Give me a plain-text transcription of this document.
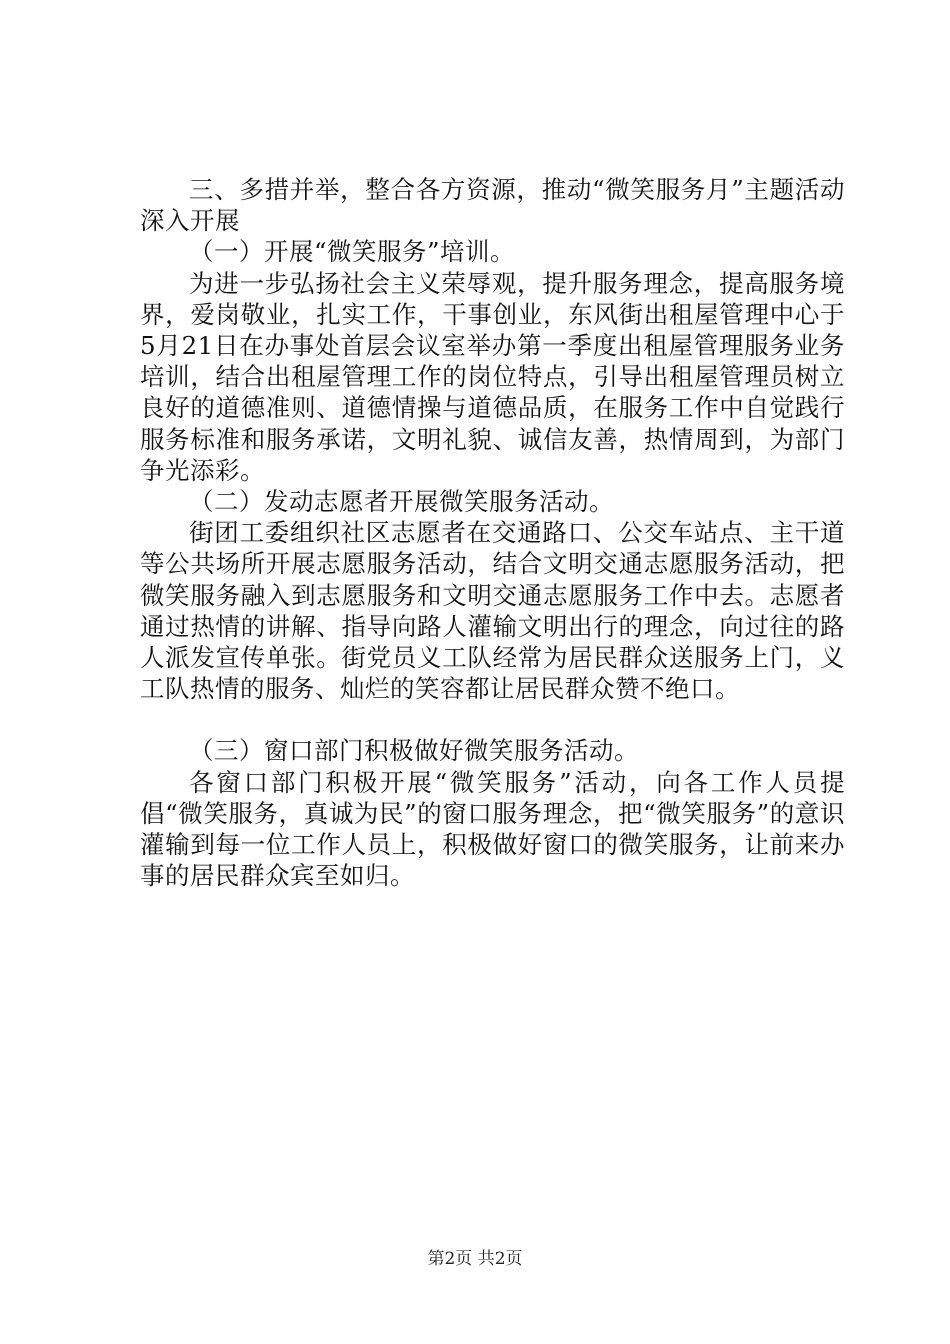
三、多措并举，整合各方资源，推动“微笑服务月”主题活动深入开展

（一）开展“微笑服务”培训。

为进一步弘扬社会主义荣辱观，提升服务理念，提高服务境界，爱岗敬业，扎实工作，干事创业，东风街出租屋管理中心于5月21日在办事处首层会议室举办第一季度出租屋管理服务业务培训，结合出租屋管理工作的岗位特点，引导出租屋管理员树立良好的道德准则、道德情操与道德品质，在服务工作中自觉践行服务标准和服务承诺，文明礼貌、诚信友善，热情周到，为部门争光添彩。

（二）发动志愿者开展微笑服务活动。

街团工委组织社区志愿者在交通路口、公交车站点、主干道等公共场所开展志愿服务活动，结合文明交通志愿服务活动，把微笑服务融入到志愿服务和文明交通志愿服务工作中去。志愿者通过热情的讲解、指导向路人灌输文明出行的理念，向过往的路人派发宣传单张。街党员义工队经常为居民群众送服务上门，义工队热情的服务、灿烂的笑容都让居民群众赞不绝口。

（三）窗口部门积极做好微笑服务活动。

各窗口部门积极开展“微笑服务”活动，向各工作人员提倡“微笑服务，真诚为民”的窗口服务理念，把“微笑服务”的意识灌输到每一位工作人员上，积极做好窗口的微笑服务，让前来办事的居民群众宾至如归。

第2页 共2页
